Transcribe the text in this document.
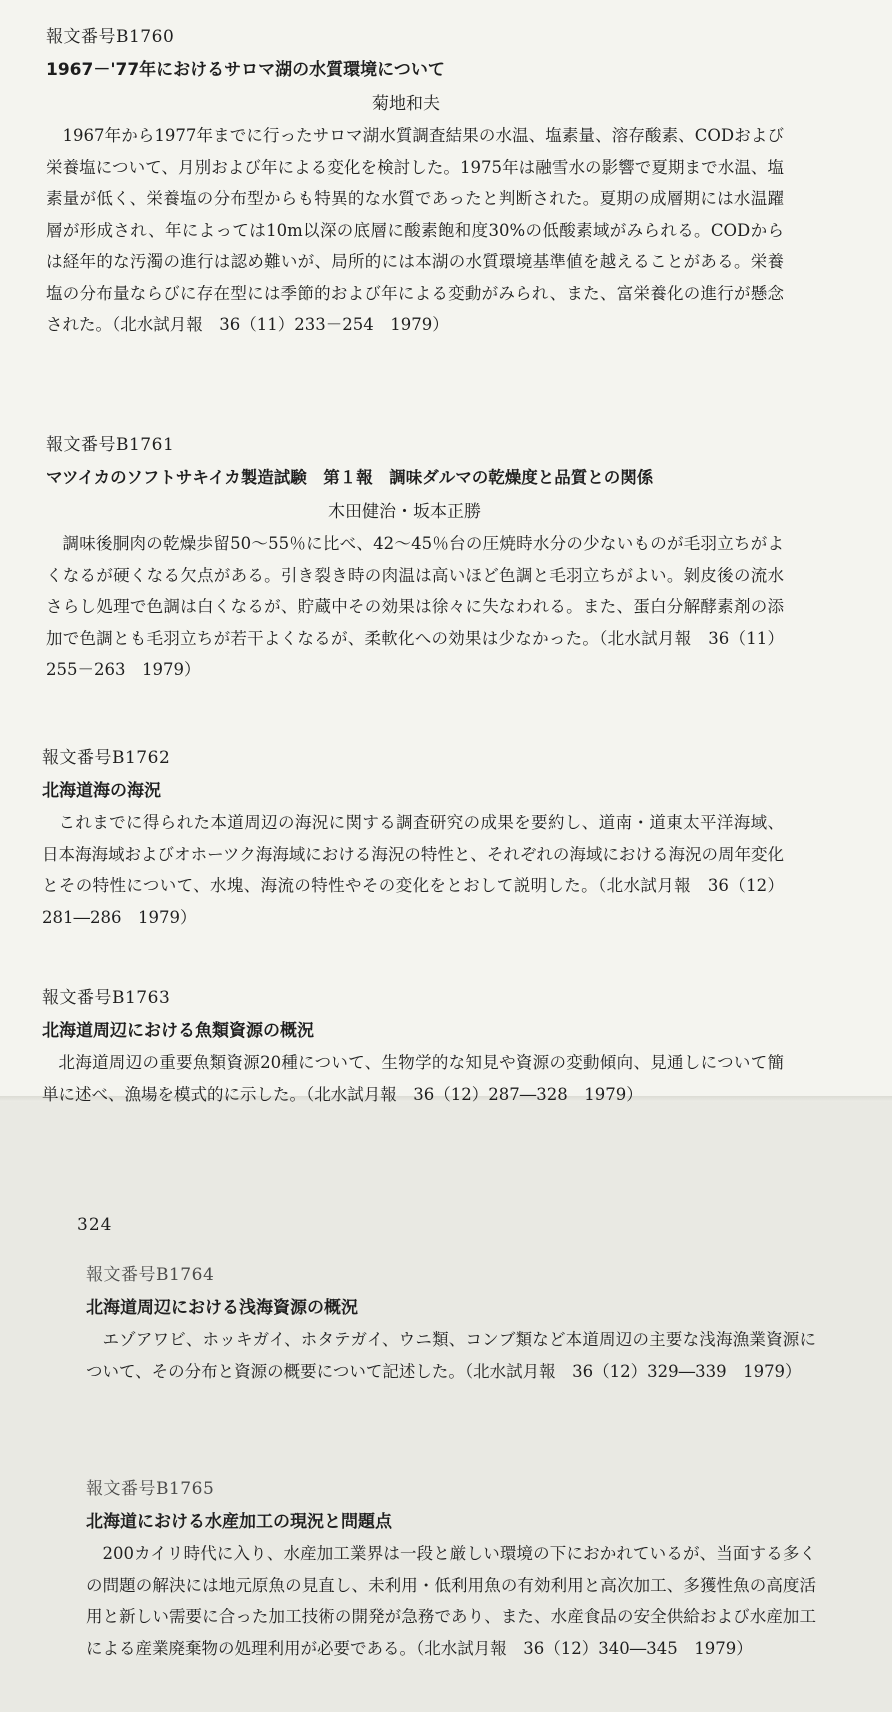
報文番号B1760

1967－'77年におけるサロマ湖の水質環境について

菊地和夫

1967年から1977年までに行ったサロマ湖水質調査結果の水温、塩素量、溶存酸素、CODおよび栄養塩について、月別および年による変化を検討した。1975年は融雪水の影響で夏期まで水温、塩素量が低く、栄養塩の分布型からも特異的な水質であったと判断された。夏期の成層期には水温躍層が形成され、年によっては10m以深の底層に酸素飽和度30%の低酸素域がみられる。CODからは経年的な汚濁の進行は認め難いが、局所的には本湖の水質環境基準値を越えることがある。栄養塩の分布量ならびに存在型には季節的および年による変動がみられ、また、富栄養化の進行が懸念された。（北水試月報　36（11）233－254　1979）

報文番号B1761

マツイカのソフトサキイカ製造試験　第１報　調味ダルマの乾燥度と品質との関係

木田健治・坂本正勝

調味後胴肉の乾燥歩留50～55％に比べ、42～45％台の圧焼時水分の少ないものが毛羽立ちがよくなるが硬くなる欠点がある。引き裂き時の肉温は高いほど色調と毛羽立ちがよい。剝皮後の流水さらし処理で色調は白くなるが、貯蔵中その効果は徐々に失なわれる。また、蛋白分解酵素剤の添加で色調とも毛羽立ちが若干よくなるが、柔軟化への効果は少なかった。（北水試月報　36（11）255－263　1979）

報文番号B1762

北海道海の海況

これまでに得られた本道周辺の海況に関する調査研究の成果を要約し、道南・道東太平洋海域、日本海海域およびオホーツク海海域における海況の特性と、それぞれの海域における海況の周年変化とその特性について、水塊、海流の特性やその変化をとおして説明した。（北水試月報　36（12）281―286　1979）

報文番号B1763

北海道周辺における魚類資源の概況

北海道周辺の重要魚類資源20種について、生物学的な知見や資源の変動傾向、見通しについて簡単に述べ、漁場を模式的に示した。（北水試月報　36（12）287―328　1979）

324

報文番号B1764

北海道周辺における浅海資源の概況

エゾアワビ、ホッキガイ、ホタテガイ、ウニ類、コンブ類など本道周辺の主要な浅海漁業資源について、その分布と資源の概要について記述した。（北水試月報　36（12）329―339　1979）

報文番号B1765

北海道における水産加工の現況と問題点

200カイリ時代に入り、水産加工業界は一段と厳しい環境の下におかれているが、当面する多くの問題の解決には地元原魚の見直し、未利用・低利用魚の有効利用と高次加工、多獲性魚の高度活用と新しい需要に合った加工技術の開発が急務であり、また、水産食品の安全供給および水産加工による産業廃棄物の処理利用が必要である。（北水試月報　36（12）340―345　1979）
